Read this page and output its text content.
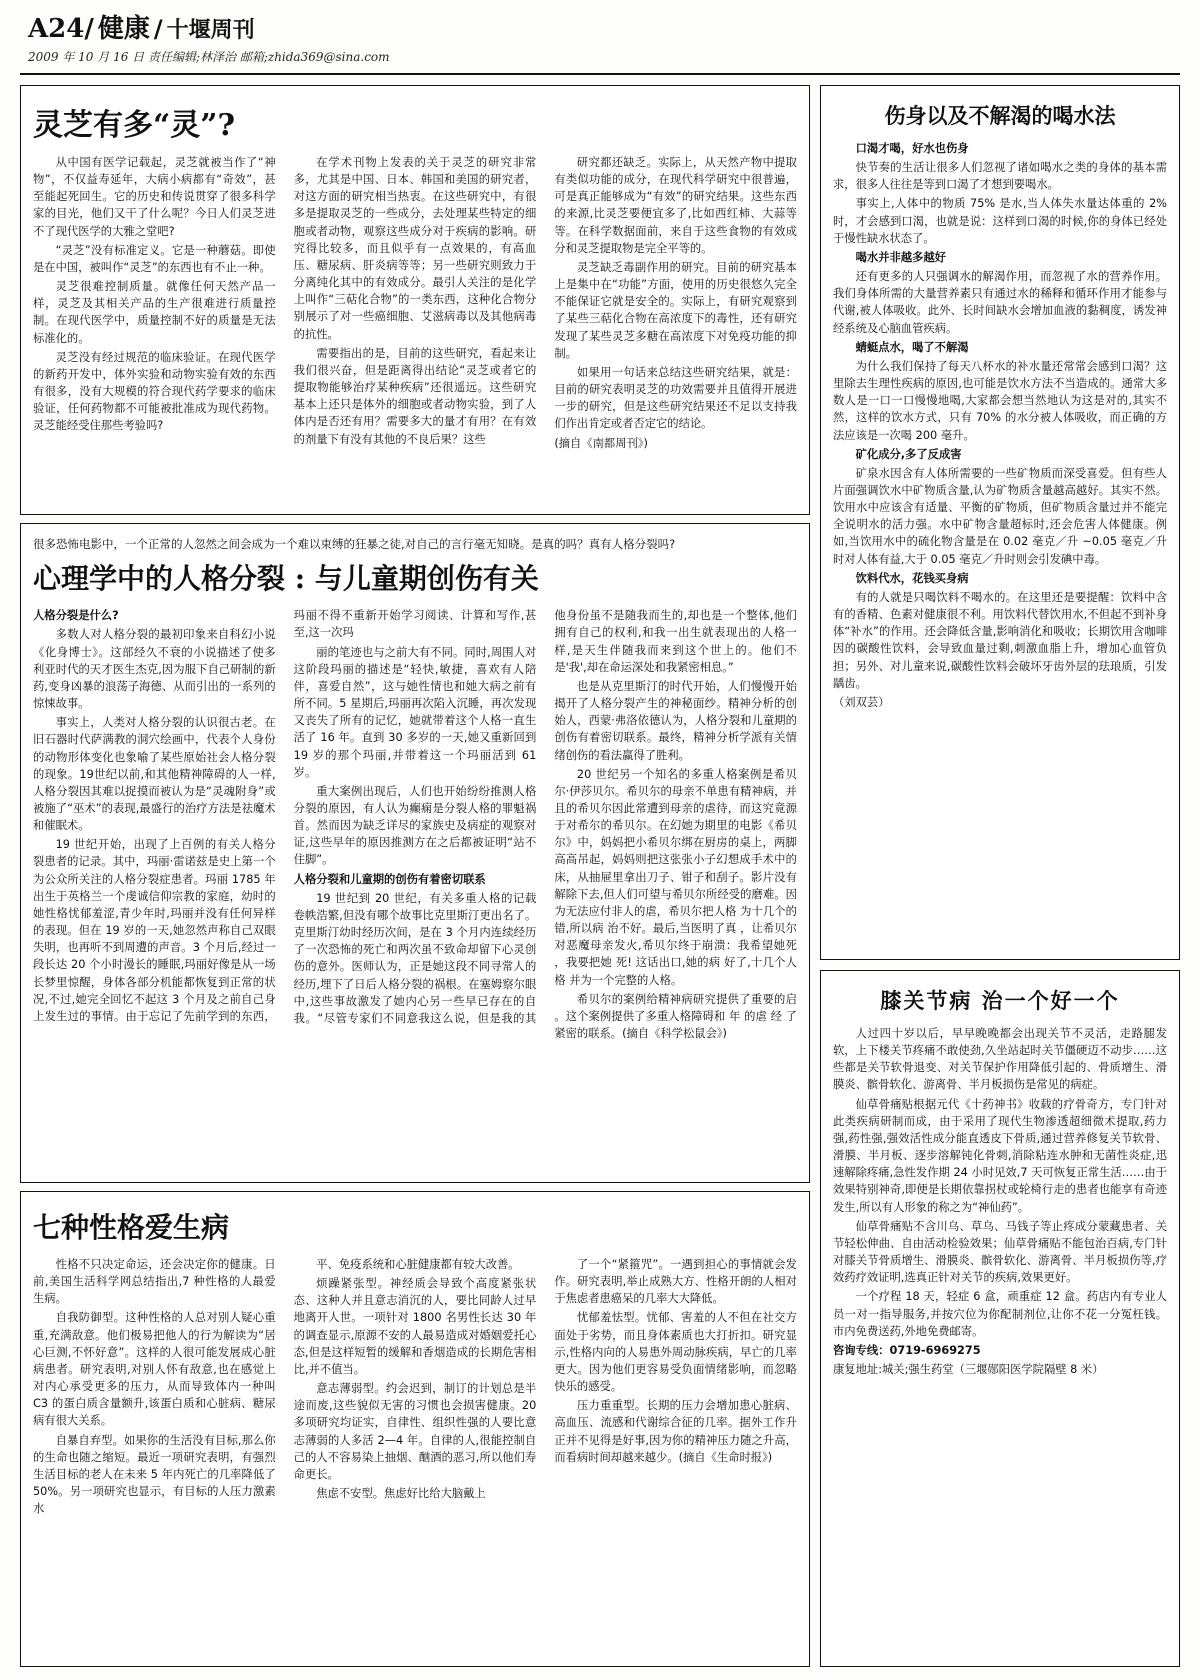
A24/ 健康 / 十堰周刊
2009 年 10 月 16 日 责任编辑;林泽治 邮箱;zhida369@sina.com
灵芝有多“灵”?

从中国有医学记载起，灵芝就被当作了“神物”，不仅益寿延年，大病小病都有“奇效”，甚至能起死回生。它的历史和传说贯穿了很多科学家的目光，他们又干了什么呢？今日人们灵芝进不了现代医学的大雅之堂吧?

“灵芝”没有标准定义。它是一种蘑菇。即使是在中国，被叫作“灵芝”的东西也有不止一种。

灵芝很难控制质量。就像任何天然产品一样，灵芝及其相关产品的生产很难进行质量控制。在现代医学中，质量控制不好的质量是无法标准化的。

灵芝没有经过规范的临床验证。在现代医学的新药开发中，体外实验和动物实验有效的东西有很多，没有大规模的符合现代药学要求的临床验证，任何药物都不可能被批准成为现代药物。灵芝能经受住那些考验吗?

在学术刊物上发表的关于灵芝的研究非常多，尤其是中国、日本、韩国和美国的研究者，对这方面的研究相当热衷。在这些研究中，有很多是提取灵芝的一些成分，去处理某些特定的细胞或者动物，观察这些成分对于疾病的影响。研究得比较多，而且似乎有一点效果的，有高血压、糖尿病、肝炎病等等；另一些研究则致力于分离纯化其中的有效成分。最引人关注的是化学上叫作“三萜化合物”的一类东西，这种化合物分别展示了对一些癌细胞、艾滋病毒以及其他病毒的抗性。

需要指出的是，目前的这些研究，看起来让我们很兴奋，但是距离得出结论“灵芝或者它的提取物能够治疗某种疾病”还很遥远。这些研究基本上还只是体外的细胞或者动物实验，到了人体内是否还有用？需要多大的量才有用？在有效的剂量下有没有其他的不良后果？这些

研究都还缺乏。实际上，从天然产物中提取有类似功能的成分，在现代科学研究中很普遍，可是真正能够成为“有效”的研究结果。这些东西的来源,比灵芝要便宜多了,比如西红柿、大蒜等等。在科学数据面前，来自于这些食物的有效成分和灵芝提取物是完全平等的。

灵芝缺乏毒副作用的研究。目前的研究基本上是集中在“功能”方面，使用的历史很悠久完全不能保证它就是安全的。实际上，有研究观察到了某些三萜化合物在高浓度下的毒性，还有研究发现了某些灵芝多糖在高浓度下对免疫功能的抑制。

如果用一句话来总结这些研究结果，就是：目前的研究表明灵芝的功效需要并且值得开展进一步的研究，但是这些研究结果还不足以支持我们作出肯定或者否定它的结论。

(摘自《南都周刊》)

很多恐怖电影中，一个正常的人忽然之间会成为一个难以束缚的狂暴之徒,对自己的言行毫无知晓。是真的吗？真有人格分裂吗?
心理学中的人格分裂 : 与儿童期创伤有关

人格分裂是什么?

多数人对人格分裂的最初印象来自科幻小说《化身博士》。这部经久不衰的小说描述了使多利亚时代的天才医生杰克,因为服下自己研制的新药,变身凶暴的浪荡子海德、从而引出的一系列的惊悚故事。

事实上，人类对人格分裂的认识很古老。在旧石器时代萨满教的洞穴绘画中，代表个人身份的动物形体变化也象喻了某些原始社会人格分裂的现象。19世纪以前,和其他精神障碍的人一样,人格分裂因其难以捉摸而被认为是“灵魂附身”或被施了“巫术”的表现,最盛行的治疗方法是祛魔术和催眠术。

19 世纪开始，出现了上百例的有关人格分裂患者的记录。其中，玛丽·雷诺兹是史上第一个为公众所关注的人格分裂症患者。玛丽 1785 年出生于英格兰一个虔诚信仰宗教的家庭，幼时的她性格忧郁羞涩,青少年时,玛丽并没有任何异样的表现。但在 19 岁的一天,她忽然声称自己双眼失明，也再听不到周遭的声音。3 个月后,经过一段长达 20 个小时漫长的睡眠,玛丽好像是从一场长梦里惊醒，身体各部分机能都恢复到正常的状况,不过,她完全回忆不起这 3 个月及之前自己身上发生过的事情。由于忘记了先前学到的东西，玛丽不得不重新开始学习阅读、计算和写作,甚至,这一次玛

丽的笔迹也与之前大有不同。同时,周围人对这阶段玛丽的描述是“轻快,敏捷，喜欢有人陪伴，喜爱自然”，这与她性情也和她大病之前有所不同。5 星期后,玛丽再次陷入沉睡，再次发现又丧失了所有的记忆，她就带着这个人格一直生活了 16 年。直到 30 多岁的一天,她又重新回到 19 岁的那个玛丽,并带着这一个玛丽活到 61 岁。

重大案例出现后，人们也开始纷纷推测人格分裂的原因，有人认为癫痫是分裂人格的罪魁祸首。然而因为缺乏详尽的家族史及病症的观察对证,这些早年的原因推测方在之后都被证明“站不住脚”。

人格分裂和儿童期的创伤有着密切联系

19 世纪到 20 世纪，有关多重人格的记载卷帙浩繁,但没有哪个故事比克里斯汀更出名了。克里斯汀幼时经历次间，是在 3 个月内连续经历了一次恐怖的死亡和两次虽不致命却留下心灵创伤的意外。医师认为，正是她这段不同寻常人的经历,埋下了日后人格分裂的祸根。在塞姆察尔眼中,这些事故激发了她内心另一些早已存在的自我。“尽管专家们不同意我这么说，但是我的其他身份虽不是随我而生的,却也是一个整体,他们拥有自己的权利,和我一出生就表现出的人格一样,是天生伴随我而来到这个世上的。他们不是'我',却在命运深处和我紧密相息。”

也是从克里斯汀的时代开始，人们慢慢开始揭开了人格分裂产生的神秘面纱。精神分析的创始人，西蒙·弗洛依德认为，人格分裂和儿童期的创伤有着密切联系。最终，精神分析学派有关情绪创伤的看法赢得了胜利。

20 世纪另一个知名的多重人格案例是希贝尔·伊莎贝尔。希贝尔的母亲不单患有精神病，并且的希贝尔因此常遭到母亲的虐待，而这究竟源于对希尔的希贝尔。在幻她为期里的电影《希贝尔》中，妈妈把小希贝尔绑在厨房的桌上，两脚高高吊起，妈妈则把这张张小子幻想成手术中的床，从抽屉里拿出刀子、钳子和刮子。影片没有解除下去,但人们可望与希贝尔所经受的磨难。因为无法应付非人的虐，希贝尔把人格 为十几个的错,所以病 治不好。最后,当医明了真 ，让希贝尔对恶魔母亲发火,希贝尔终于崩溃：我希望她死 ，我要把她 死! 这话出口,她的病 好了,十几个人格 并为一个完整的人格。

希贝尔的案例给精神病研究提供了重要的启 。这个案例提供了多重人格障碍和 年 的虐 经 了紧密的联系。(摘自《科学松鼠会》)

七种性格爱生病

性格不只决定命运，还会决定你的健康。日前,美国生活科学网总结指出,7 种性格的人最爱生病。

自我防御型。这种性格的人总对别人疑心重重,充满敌意。他们极易把他人的行为解读为“居心巨测,不怀好意”。这样的人很可能发展成心脏病患者。研究表明,对别人怀有敌意,也在感觉上对内心承受更多的压力，从而导致体内一种叫 C3 的蛋白质含量额升,该蛋白质和心脏病、糖尿病有很大关系。

自暴自弃型。如果你的生活没有目标,那么你的生命也随之缩短。最近一项研究表明，有强烈生活目标的老人在未来 5 年内死亡的几率降低了 50%。另一项研究也显示，有目标的人压力激素水

平、免疫系统和心脏健康都有较大改善。

烦躁紧张型。神经质会导致个高度紧张状态、这种人并且意志消沉的人，要比同龄人过早地离开人世。一项针对 1800 名男性长达 30 年的调查显示,原源不安的人最易造成对婚姻爱托心态,但是这样短暂的缓解和香烟造成的长期危害相比,并不值当。

意志薄弱型。约会迟到，制订的计划总是半途而废,这些貌似无害的习惯也会损害健康。20 多项研究均证实，自律性、组织性强的人要比意志薄弱的人多活 2—4 年。自律的人,很能控制自己的人不容易染上抽烟、酗酒的恶习,所以他们寿命更长。

焦虑不安型。焦虑好比给大脑戴上

了一个“紧箍咒”。一遇到担心的事情就会发作。研究表明,举止成熟大方、性格开朗的人相对于焦虑者患癌呆的几率大大降低。

忧郁羞怯型。忧郁、害羞的人不但在社交方面处于劣势，而且身体素质也大打折扣。研究显示,性格内向的人易患外周动脉疾病，早亡的几率更大。因为他们更容易受负面情绪影响，而忽略快乐的感受。

压力重重型。长期的压力会增加患心脏病、高血压、流感和代谢综合征的几率。据外工作升正并不见得是好事,因为你的精神压力随之升高，而看病时间却越来越少。(摘自《生命时报》)

伤身以及不解渴的喝水法

口渴才喝，好水也伤身

快节奏的生活让很多人们忽视了诸如喝水之类的身体的基本需求，很多人往往是等到口渴了才想到要喝水。

事实上,人体中的物质 75% 是水,当人体失水量达体重的 2% 时，才会感到口渴，也就是说：这样到口渴的时候,你的身体已经处于慢性缺水状态了。

喝水并非越多越好

还有更多的人只强调水的解渴作用，而忽视了水的营养作用。我们身体所需的大量营养素只有通过水的稀释和循环作用才能参与代谢,被人体吸收。此外、长时间缺水会增加血液的黏稠度，诱发神经系统及心脑血管疾病。

蜻蜓点水，喝了不解渴

为什么我们保持了每天八杯水的补水量还常常会感到口渴？这里除去生理性疾病的原因,也可能是饮水方法不当造成的。通常大多数人是一口一口慢慢地喝,大家都会想当然地认为这是对的,其实不然，这样的饮水方式，只有 70% 的水分被人体吸收，而正确的方法应该是一次喝 200 毫升。

矿化成分,多了反成害

矿泉水因含有人体所需要的一些矿物质而深受喜爱。但有些人片面强调饮水中矿物质含量,认为矿物质含量越高越好。其实不然。饮用水中应该含有适量、平衡的矿物质，但矿物质含量过并不能完全说明水的活力强。水中矿物含量超标时,还会危害人体健康。例如,当饮用水中的硫化物含量是在 0.02 毫克／升 ~0.05 毫克／升时对人体有益,大于 0.05 毫克／升时则会引发碘中毒。

饮料代水，花钱买身病

有的人就是只喝饮料不喝水的。在这里还是要提醒：饮料中含有的香精、色素对健康很不利。用饮料代替饮用水,不但起不到补身体“补水”的作用。还会降低含量,影响消化和吸收；长期饮用含咖啡因的碳酸性饮料，会导致血量过剩,刺激血脂上升，增加心血管负担；另外、对儿童来说,碳酸性饮料会破坏牙齿外层的珐琅质，引发龋齿。

（刘双芸）

膝关节病 治一个好一个

人过四十岁以后，早早晚晚都会出现关节不灵活，走路腿发软，上下楼关节疼痛不敢使劲,久坐站起时关节僵硬迈不动步……这些都是关节软骨退变、对关节保护作用降低引起的、骨质增生、滑膜炎、髌骨软化、游离骨、半月板损伤是常见的病症。

仙草骨痛贴根据元代《十药神书》收载的疗骨奇方，专门针对此类疾病研制而成，由于采用了现代生物渗透超细微术提取,药力强,药性强,强效活性成分能直透皮下骨质,通过营养修复关节软骨、滑膜、半月板、逐步溶解钝化骨刺,消除粘连水肿和无菌性炎症,迅速解除疼痛,急性发作期 24 小时见效,7 天可恢复正常生活……由于效果特别神奇,即便是长期依靠拐杖或轮椅行走的患者也能享有奇迹发生,所以有人形象的称之为“神仙药”。

仙草骨痛贴不含川乌、草乌、马钱子等止疼成分蒙藏患者、关节轻松伸曲、自由活动检验效果；仙草骨痛贴不能包治百病,专门针对膝关节骨质增生、滑膜炎、髌骨软化、游离骨、半月板损伤等,疗效药疗效证明,选真正针对关节的疾病,效果更好。

一个疗程 18 天，轻症 6 盒，顽重症 12 盒。药店内有专业人员一对一指导服务,并按穴位为你配制剂位,让你不花一分冤枉钱。市内免费送药,外地免费邮寄。

咨询专线：0719-6969275

康复地址:城关;强生药堂（三堰郧阳医学院隔壁 8 米）
